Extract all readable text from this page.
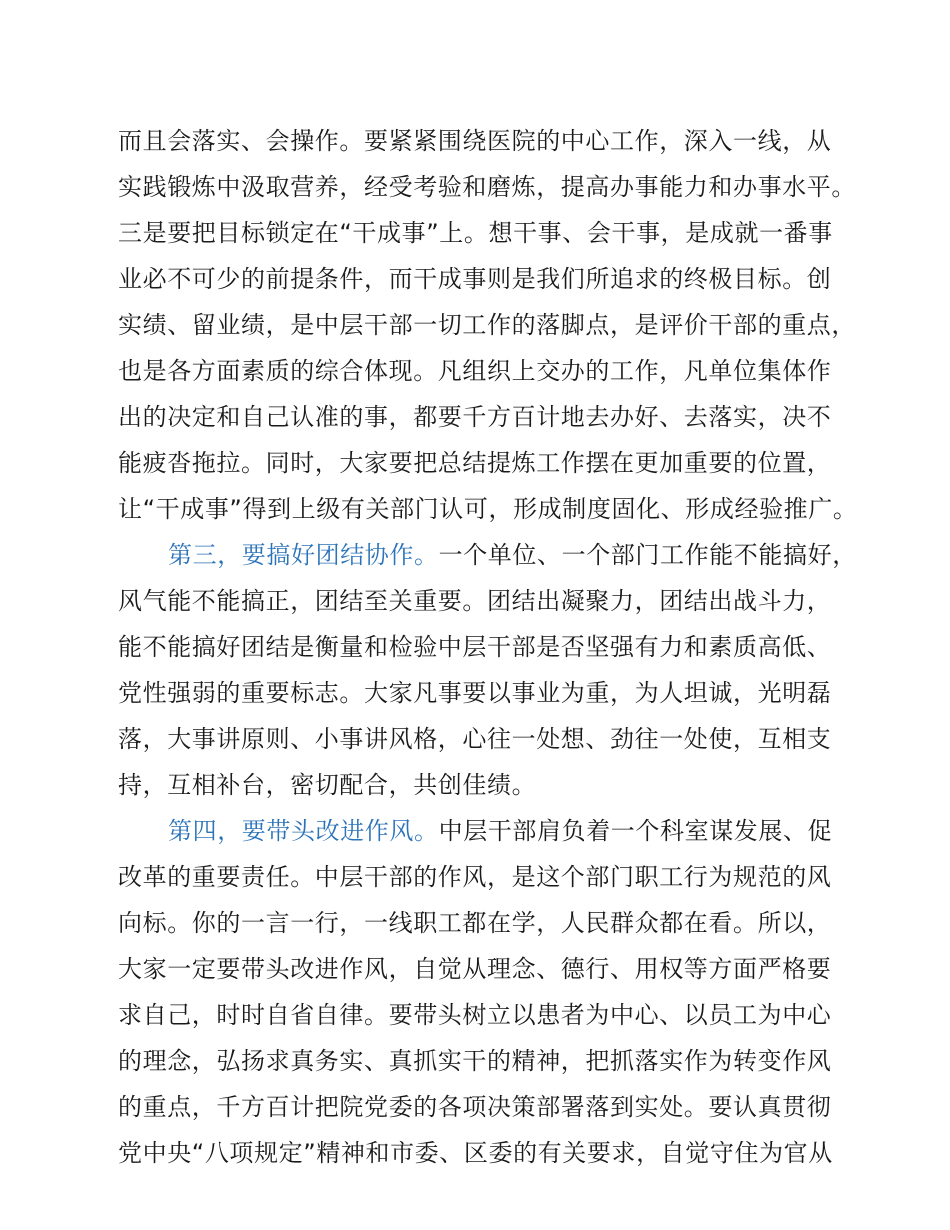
而且会落实、会操作。要紧紧围绕医院的中心工作，深入一线，从
实践锻炼中汲取营养，经受考验和磨炼，提高办事能力和办事水平。
三是要把目标锁定在“干成事”上。想干事、会干事，是成就一番事
业必不可少的前提条件，而干成事则是我们所追求的终极目标。创
实绩、留业绩，是中层干部一切工作的落脚点，是评价干部的重点，
也是各方面素质的综合体现。凡组织上交办的工作，凡单位集体作
出的决定和自己认准的事，都要千方百计地去办好、去落实，决不
能疲沓拖拉。同时，大家要把总结提炼工作摆在更加重要的位置，
让“干成事”得到上级有关部门认可，形成制度固化、形成经验推广。
第三，要搞好团结协作。一个单位、一个部门工作能不能搞好，
风气能不能搞正，团结至关重要。团结出凝聚力，团结出战斗力，
能不能搞好团结是衡量和检验中层干部是否坚强有力和素质高低、
党性强弱的重要标志。大家凡事要以事业为重，为人坦诚，光明磊
落，大事讲原则、小事讲风格，心往一处想、劲往一处使，互相支
持，互相补台，密切配合，共创佳绩。
第四，要带头改进作风。中层干部肩负着一个科室谋发展、促
改革的重要责任。中层干部的作风，是这个部门职工行为规范的风
向标。你的一言一行，一线职工都在学，人民群众都在看。所以，
大家一定要带头改进作风，自觉从理念、德行、用权等方面严格要
求自己，时时自省自律。要带头树立以患者为中心、以员工为中心
的理念，弘扬求真务实、真抓实干的精神，把抓落实作为转变作风
的重点，千方百计把院党委的各项决策部署落到实处。要认真贯彻
党中央“八项规定”精神和市委、区委的有关要求，自觉守住为官从
